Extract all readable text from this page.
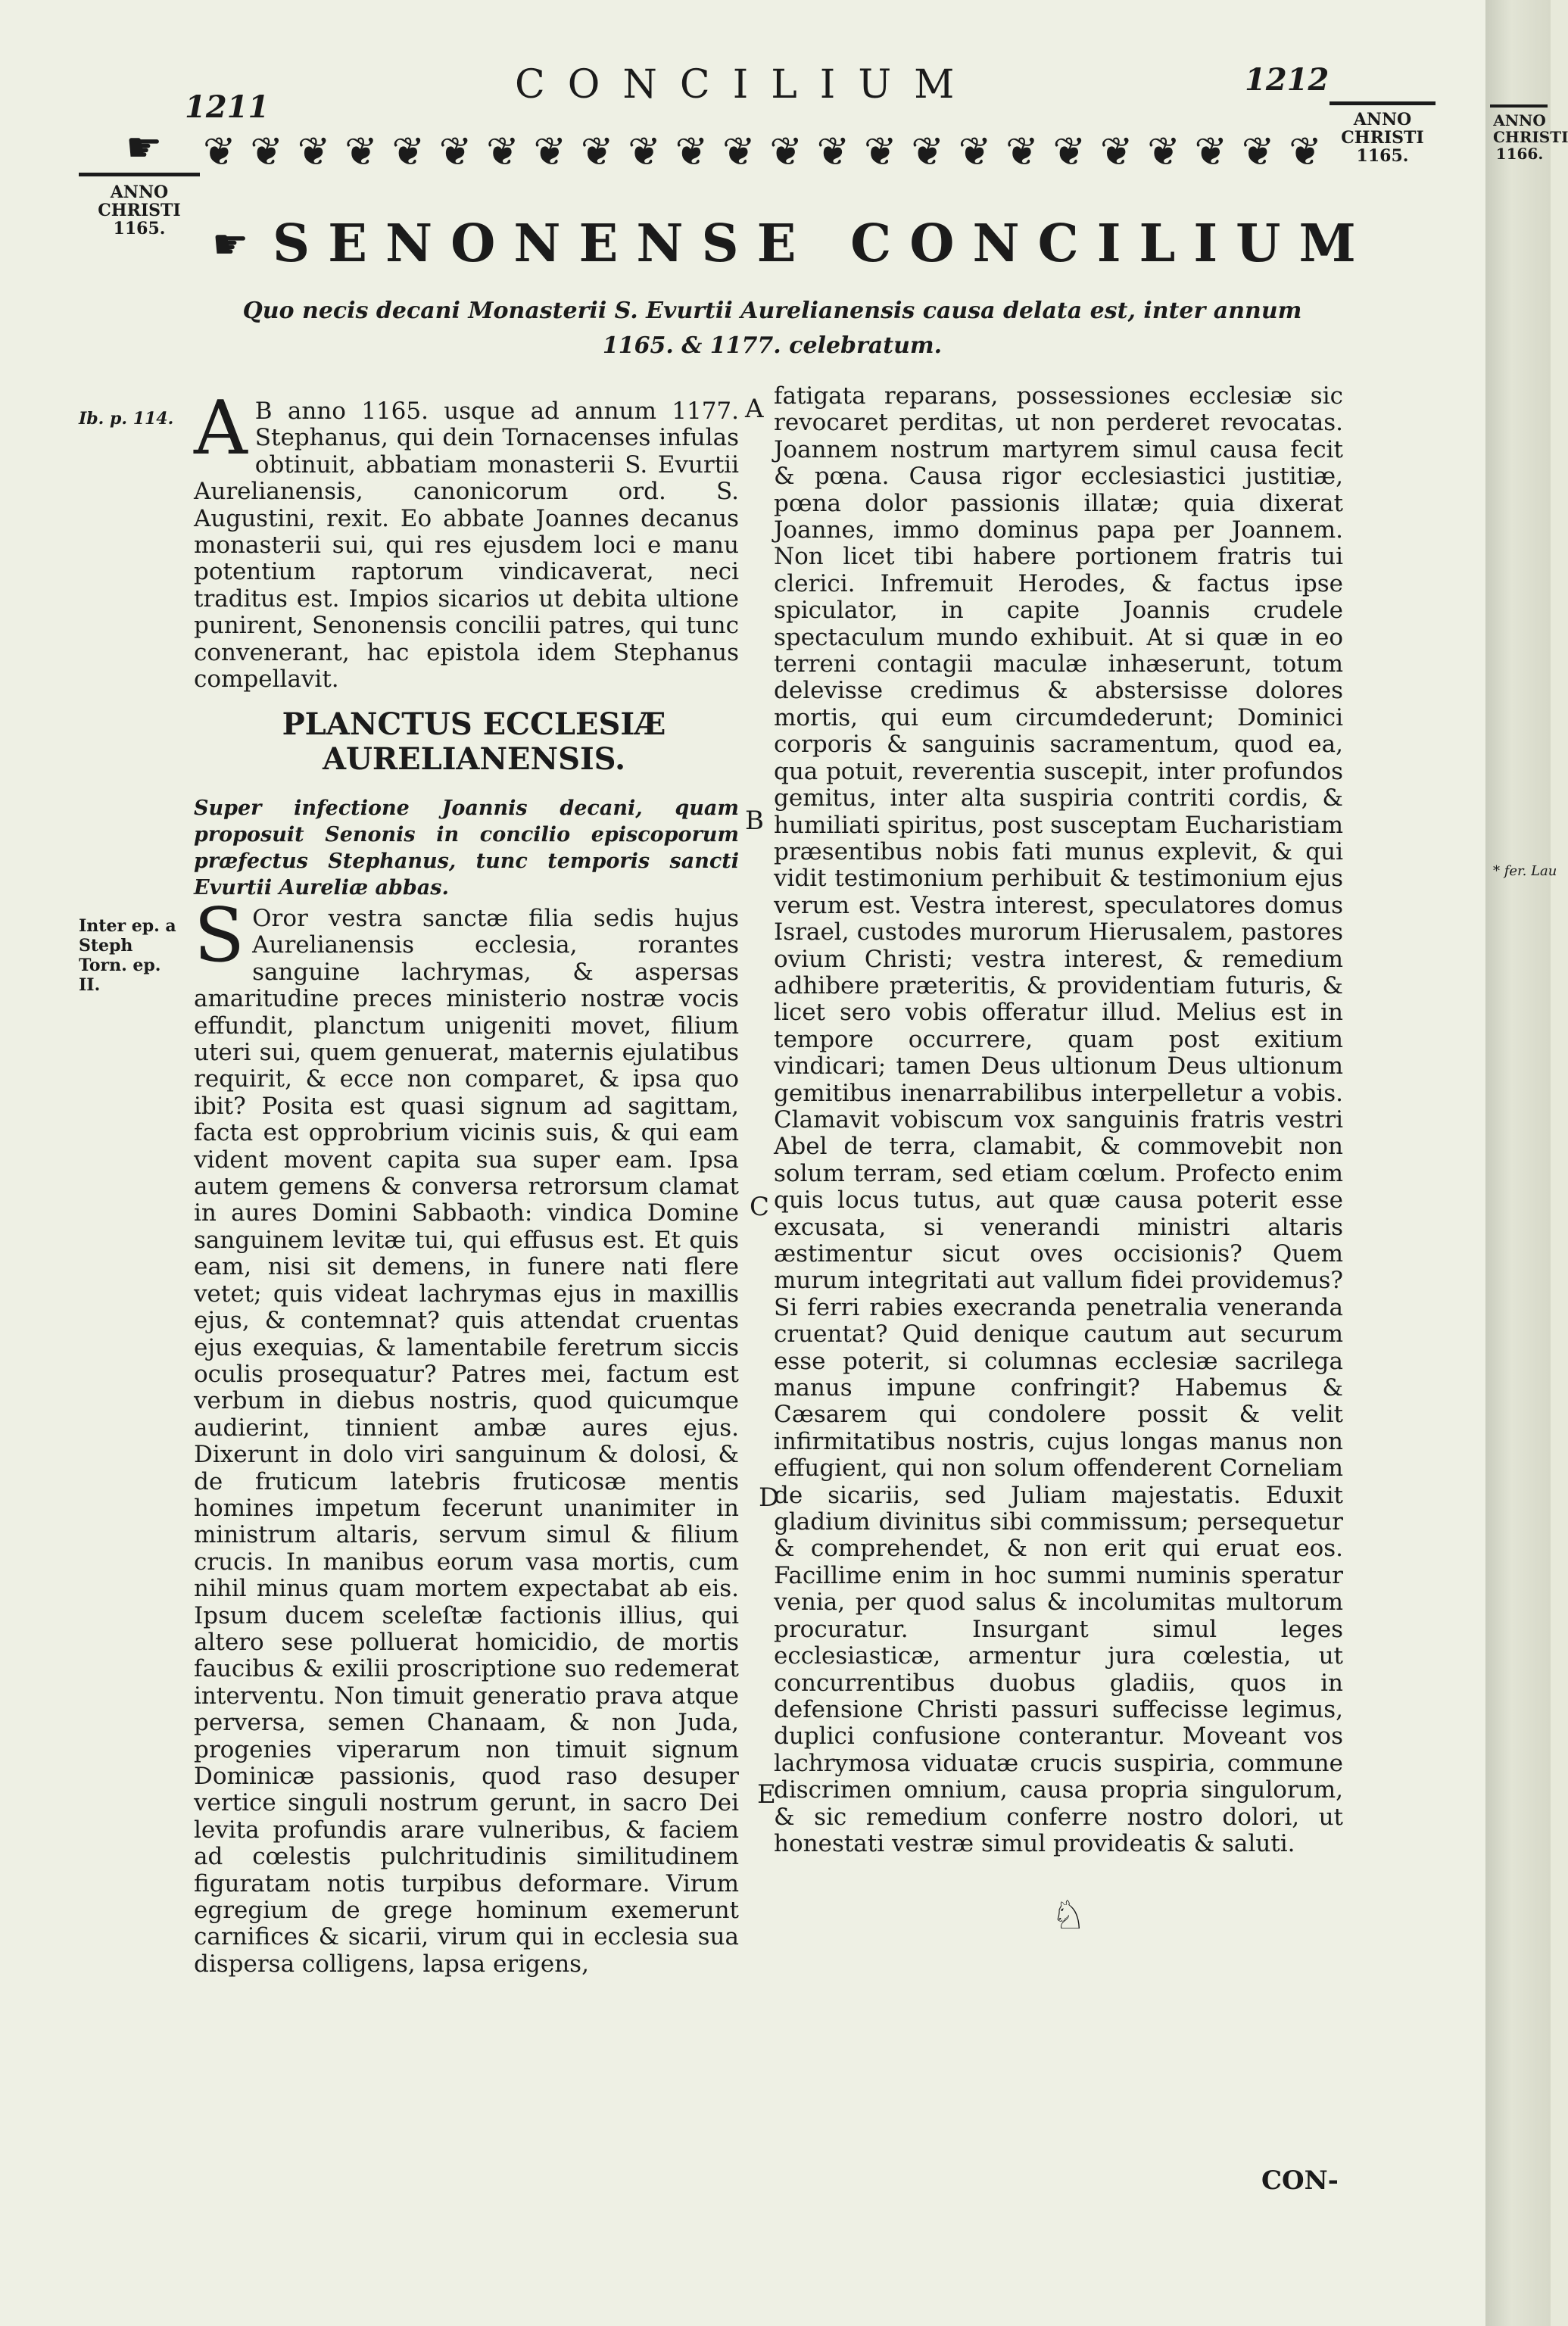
1211	CONCILIUM	1212
☛
ANNO CHRISTI 1165.
ANNO CHRISTI 1165.
❦ ❦ ❦ ❦ ❦ ❦ ❦ ❦ ❦ ❦ ❦ ❦ ❦ ❦ ❦ ❦ ❦ ❦ ❦ ❦ ❦ ❦ ❦ ❦
☛ SENONENSE CONCILIUM
Quo necis decani Monasterii S. Evurtii Aurelianensis causa delata est, inter annum
1165. & 1177. celebratum.
Ib. p. 114.
Inter ep. a Steph Torn. ep. II.
A
B
C
D
E
A B anno 1165. usque ad annum 1177. Stephanus, qui dein Tornacenses infulas obtinuit, abbatiam monasterii S. Evurtii Aurelianensis, canonicorum ord. S. Augustini, rexit. Eo abbate Joannes decanus monasterii sui, qui res ejusdem loci e manu potentium raptorum vindicaverat, neci traditus est. Impios sicarios ut debita ultione punirent, Senonensis concilii patres, qui tunc convenerant, hac epistola idem Stephanus compellavit.
PLANCTUS ECCLESIÆ AURELIANENSIS.
Super infectione Joannis decani, quam proposuit Senonis in concilio episcoporum præfectus Stephanus, tunc temporis sancti Evurtii Aureliæ abbas.
S Oror vestra sanctæ filia sedis hujus Aurelianensis ecclesia, rorantes sanguine lachrymas, & aspersas amaritudine preces ministerio nostræ vocis effundit, planctum unigeniti movet, filium uteri sui, quem genuerat, maternis ejulatibus requirit, & ecce non comparet, & ipsa quo ibit? Posita est quasi signum ad sagittam, facta est opprobrium vicinis suis, & qui eam vident movent capita sua super eam. Ipsa autem gemens & conversa retrorsum clamat in aures Domini Sabbaoth: vindica Domine sanguinem levitæ tui, qui effusus est. Et quis eam, nisi sit demens, in funere nati flere vetet; quis videat lachrymas ejus in maxillis ejus, & contemnat? quis attendat cruentas ejus exequias, & lamentabile feretrum siccis oculis prosequatur? Patres mei, factum est verbum in diebus nostris, quod quicumque audierint, tinnient ambæ aures ejus. Dixerunt in dolo viri sanguinum & dolosi, & de fruticum latebris fruticosæ mentis homines impetum fecerunt unanimiter in ministrum altaris, servum simul & filium crucis. In manibus eorum vasa mortis, cum nihil minus quam mortem expectabat ab eis. Ipsum ducem sceleſtæ factionis illius, qui altero sese polluerat homicidio, de mortis faucibus & exilii proscriptione suo redemerat interventu. Non timuit generatio prava atque perversa, semen Chanaam, & non Juda, progenies viperarum non timuit signum Dominicæ passionis, quod raso desuper vertice singuli nostrum gerunt, in sacro Dei levita profundis arare vulneribus, & faciem ad cœlestis pulchritudinis similitudinem figuratam notis turpibus deformare. Virum egregium de grege hominum exemerunt carnifices & sicarii, virum qui in ecclesia sua dispersa colligens, lapsa erigens,
fatigata reparans, possessiones ecclesiæ sic revocaret perditas, ut non perderet revocatas. Joannem nostrum martyrem simul causa fecit & pœna. Causa rigor ecclesiastici justitiæ, pœna dolor passionis illatæ; quia dixerat Joannes, immo dominus papa per Joannem. Non licet tibi habere portionem fratris tui clerici. Infremuit Herodes, & factus ipse spiculator, in capite Joannis crudele spectaculum mundo exhibuit. At si quæ in eo terreni contagii maculæ inhæserunt, totum delevisse credimus & abstersisse dolores mortis, qui eum circumdederunt; Dominici corporis & sanguinis sacramentum, quod ea, qua potuit, reverentia suscepit, inter profundos gemitus, inter alta suspiria contriti cordis, & humiliati spiritus, post susceptam Eucharistiam præsentibus nobis fati munus explevit, & qui vidit testimonium perhibuit & testimonium ejus verum est. Vestra interest, speculatores domus Israel, custodes murorum Hierusalem, pastores ovium Christi; vestra interest, & remedium adhibere præteritis, & providentiam futuris, & licet sero vobis offeratur illud. Melius est in tempore occurrere, quam post exitium vindicari; tamen Deus ultionum Deus ultionum gemitibus inenarrabilibus interpelletur a vobis. Clamavit vobiscum vox sanguinis fratris vestri Abel de terra, clamabit, & commovebit non solum terram, sed etiam cœlum. Profecto enim quis locus tutus, aut quæ causa poterit esse excusata, si venerandi ministri altaris æstimentur sicut oves occisionis? Quem murum integritati aut vallum fidei providemus? Si ferri rabies execranda penetralia veneranda cruentat? Quid denique cautum aut securum esse poterit, si columnas ecclesiæ sacrilega manus impune confringit? Habemus & Cæsarem qui condolere possit & velit infirmitatibus nostris, cujus longas manus non effugient, qui non solum offenderent Corneliam de sicariis, sed Juliam majestatis. Eduxit gladium divinitus sibi commissum; persequetur & comprehendet, & non erit qui eruat eos. Facillime enim in hoc summi numinis speratur venia, per quod salus & incolumitas multorum procuratur. Insurgant simul leges ecclesiasticæ, armentur jura cœlestia, ut concurrentibus duobus gladiis, quos in defensione Christi passuri suffecisse legimus, duplici confusione conterantur. Moveant vos lachrymosa viduatæ crucis suspiria, commune discrimen omnium, causa propria singulorum, & sic remedium conferre nostro dolori, ut honestati vestræ simul provideatis & saluti.
♘
CON-
ANNO CHRISTI 1166.
* fer. Lau
